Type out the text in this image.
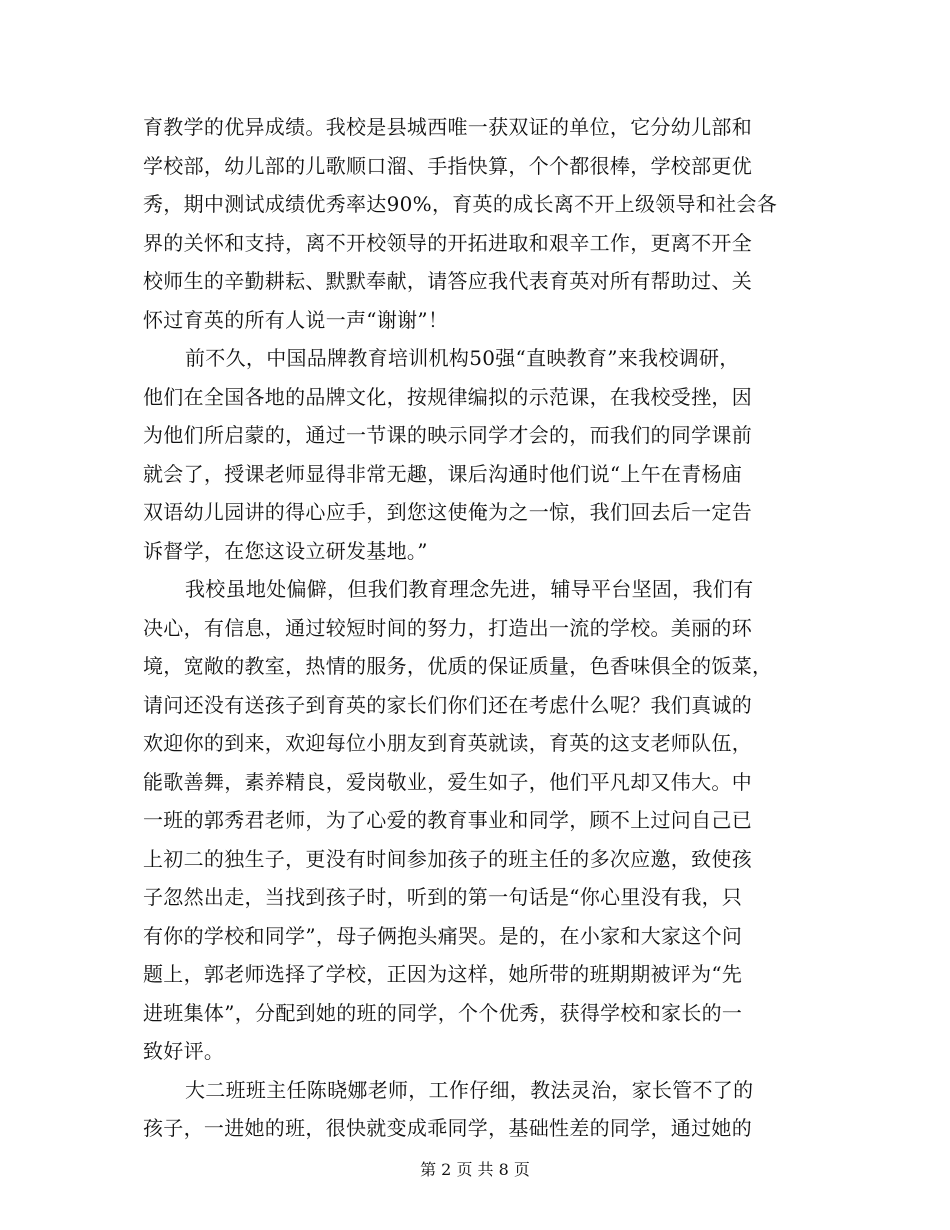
育教学的优异成绩。我校是县城西唯一获双证的单位，它分幼儿部和
学校部，幼儿部的儿歌顺口溜、手指快算，个个都很棒，学校部更优
秀，期中测试成绩优秀率达90%，育英的成长离不开上级领导和社会各
界的关怀和支持，离不开校领导的开拓进取和艰辛工作，更离不开全
校师生的辛勤耕耘、默默奉献，请答应我代表育英对所有帮助过、关
怀过育英的所有人说一声“谢谢”！
前不久，中国品牌教育培训机构50强“直映教育”来我校调研，
他们在全国各地的品牌文化，按规律编拟的示范课，在我校受挫，因
为他们所启蒙的，通过一节课的映示同学才会的，而我们的同学课前
就会了，授课老师显得非常无趣，课后沟通时他们说“上午在青杨庙
双语幼儿园讲的得心应手，到您这使俺为之一惊，我们回去后一定告
诉督学，在您这设立研发基地。”
我校虽地处偏僻，但我们教育理念先进，辅导平台坚固，我们有
决心，有信息，通过较短时间的努力，打造出一流的学校。美丽的环
境，宽敞的教室，热情的服务，优质的保证质量，色香味俱全的饭菜，
请问还没有送孩子到育英的家长们你们还在考虑什么呢？我们真诚的
欢迎你的到来，欢迎每位小朋友到育英就读，育英的这支老师队伍，
能歌善舞，素养精良，爱岗敬业，爱生如子，他们平凡却又伟大。中
一班的郭秀君老师，为了心爱的教育事业和同学，顾不上过问自己已
上初二的独生子，更没有时间参加孩子的班主任的多次应邀，致使孩
子忽然出走，当找到孩子时，听到的第一句话是“你心里没有我，只
有你的学校和同学”，母子俩抱头痛哭。是的，在小家和大家这个问
题上，郭老师选择了学校，正因为这样，她所带的班期期被评为“先
进班集体”，分配到她的班的同学，个个优秀，获得学校和家长的一
致好评。
大二班班主任陈晓娜老师，工作仔细，教法灵治，家长管不了的
孩子，一进她的班，很快就变成乖同学，基础性差的同学，通过她的
第 2 页 共 8 页
